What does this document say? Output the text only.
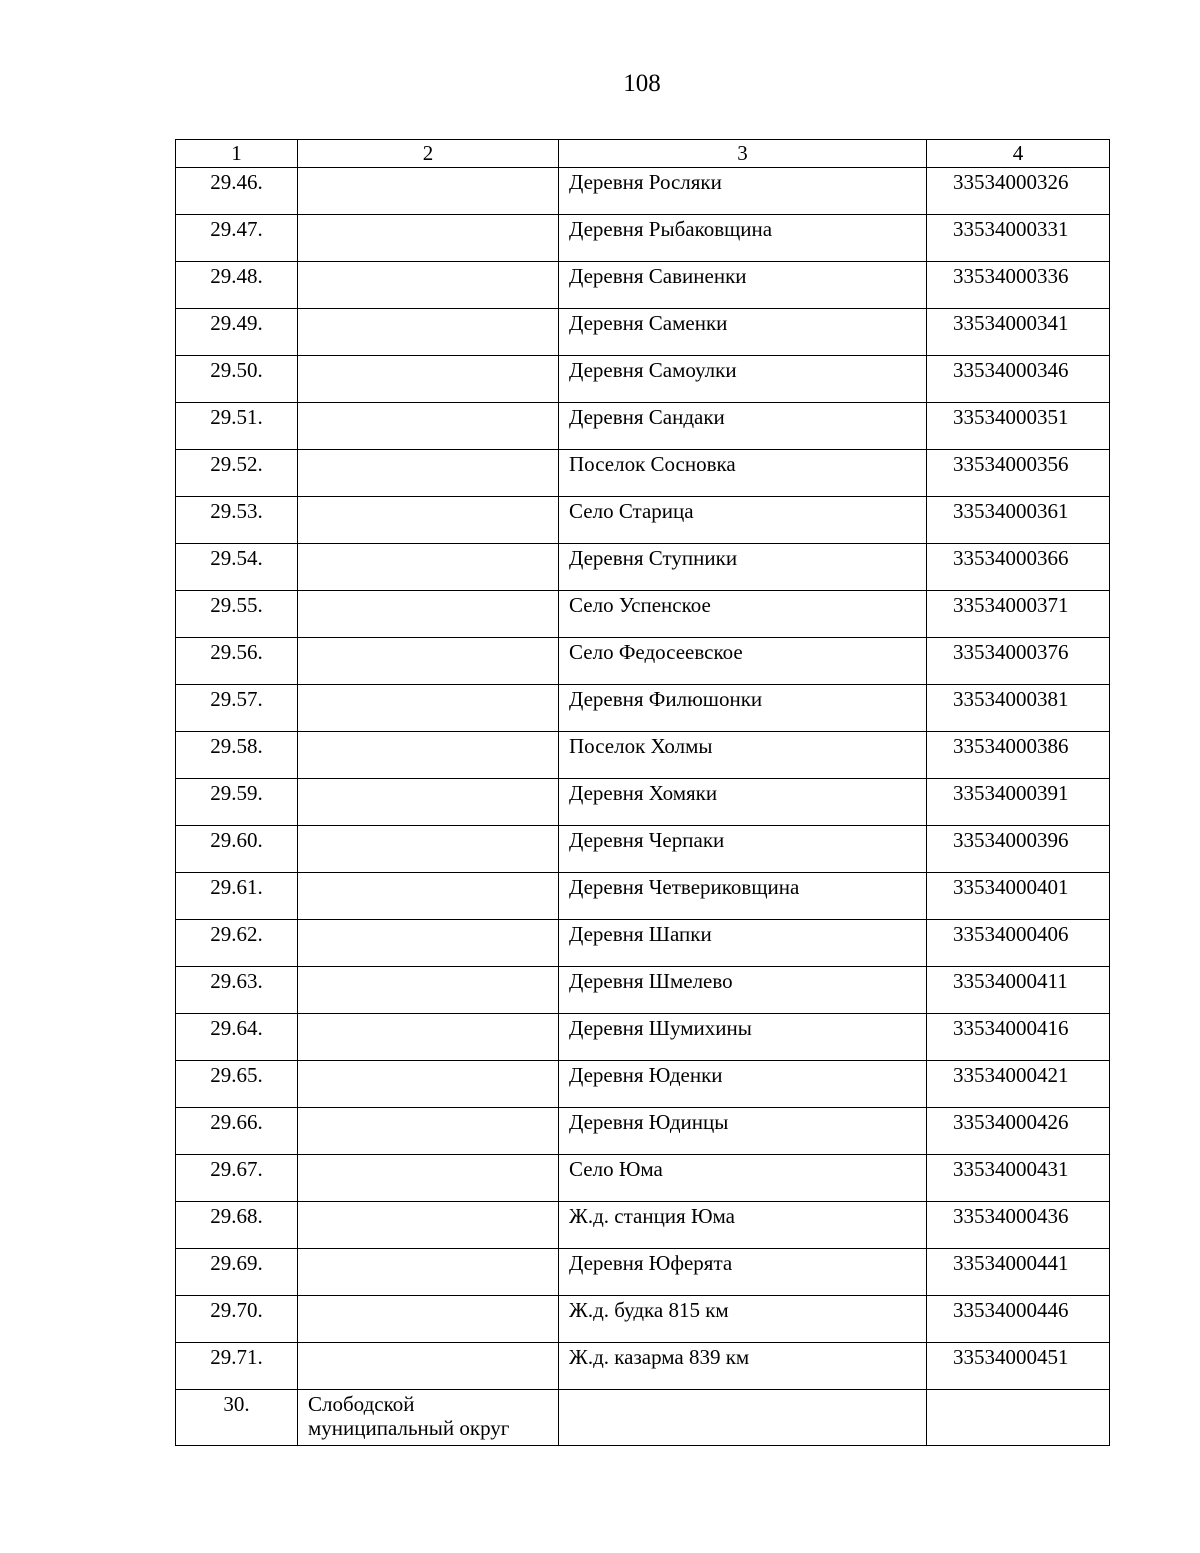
108
1	2	3	4
29.46.		Деревня Росляки	33534000326
29.47.		Деревня Рыбаковщина	33534000331
29.48.		Деревня Савиненки	33534000336
29.49.		Деревня Саменки	33534000341
29.50.		Деревня Самоулки	33534000346
29.51.		Деревня Сандаки	33534000351
29.52.		Поселок Сосновка	33534000356
29.53.		Село Старица	33534000361
29.54.		Деревня Ступники	33534000366
29.55.		Село Успенское	33534000371
29.56.		Село Федосеевское	33534000376
29.57.		Деревня Филюшонки	33534000381
29.58.		Поселок Холмы	33534000386
29.59.		Деревня Хомяки	33534000391
29.60.		Деревня Черпаки	33534000396
29.61.		Деревня Четвериковщина	33534000401
29.62.		Деревня Шапки	33534000406
29.63.		Деревня Шмелево	33534000411
29.64.		Деревня Шумихины	33534000416
29.65.		Деревня Юденки	33534000421
29.66.		Деревня Юдинцы	33534000426
29.67.		Село Юма	33534000431
29.68.		Ж.д. станция Юма	33534000436
29.69.		Деревня Юферята	33534000441
29.70.		Ж.д. будка 815 км	33534000446
29.71.		Ж.д. казарма 839 км	33534000451
30.	Слободской
муниципальный округ		
